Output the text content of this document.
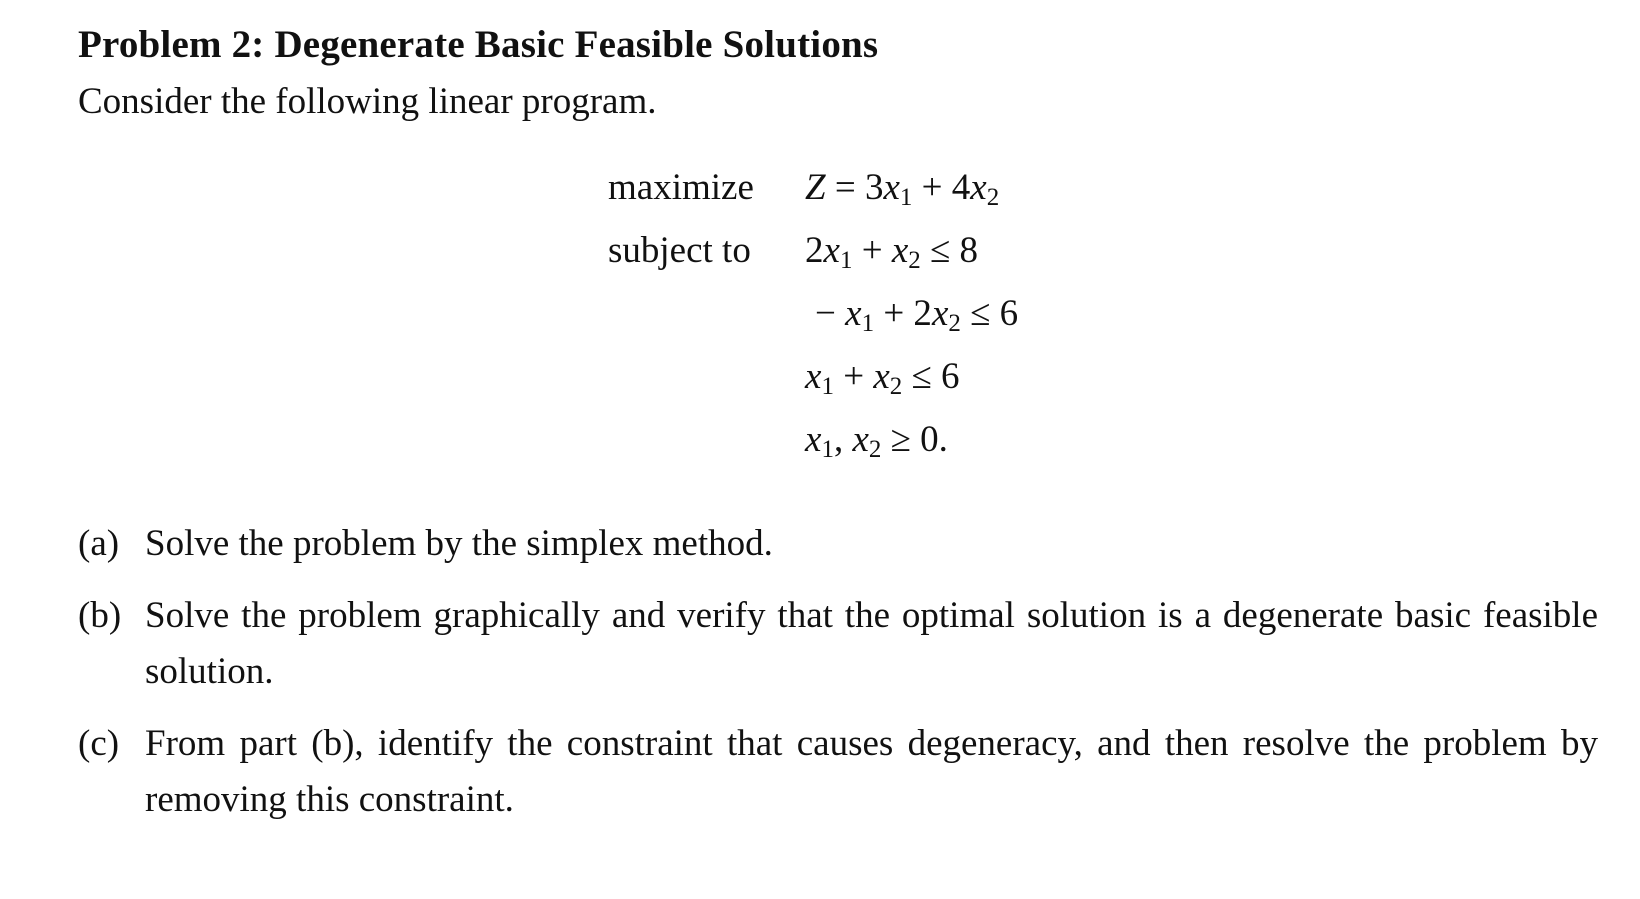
Problem 2: Degenerate Basic Feasible Solutions
Consider the following linear program.
maximize
subject to
$Z = 3x_1 + 4x_2$
$2x_1 + x_2 \le 8$
− $x_1 + 2x_2 \le 6$
$x_1 + x_2 \le 6$
$x_1$, $x_2 \ge 0$.
(a) Solve the problem by the simplex method.
(b) Solve the problem graphically and verify that the optimal solution is a degenerate basic feasible solution.
(c) From part (b), identify the constraint that causes degeneracy, and then resolve the problem by removing this constraint.
